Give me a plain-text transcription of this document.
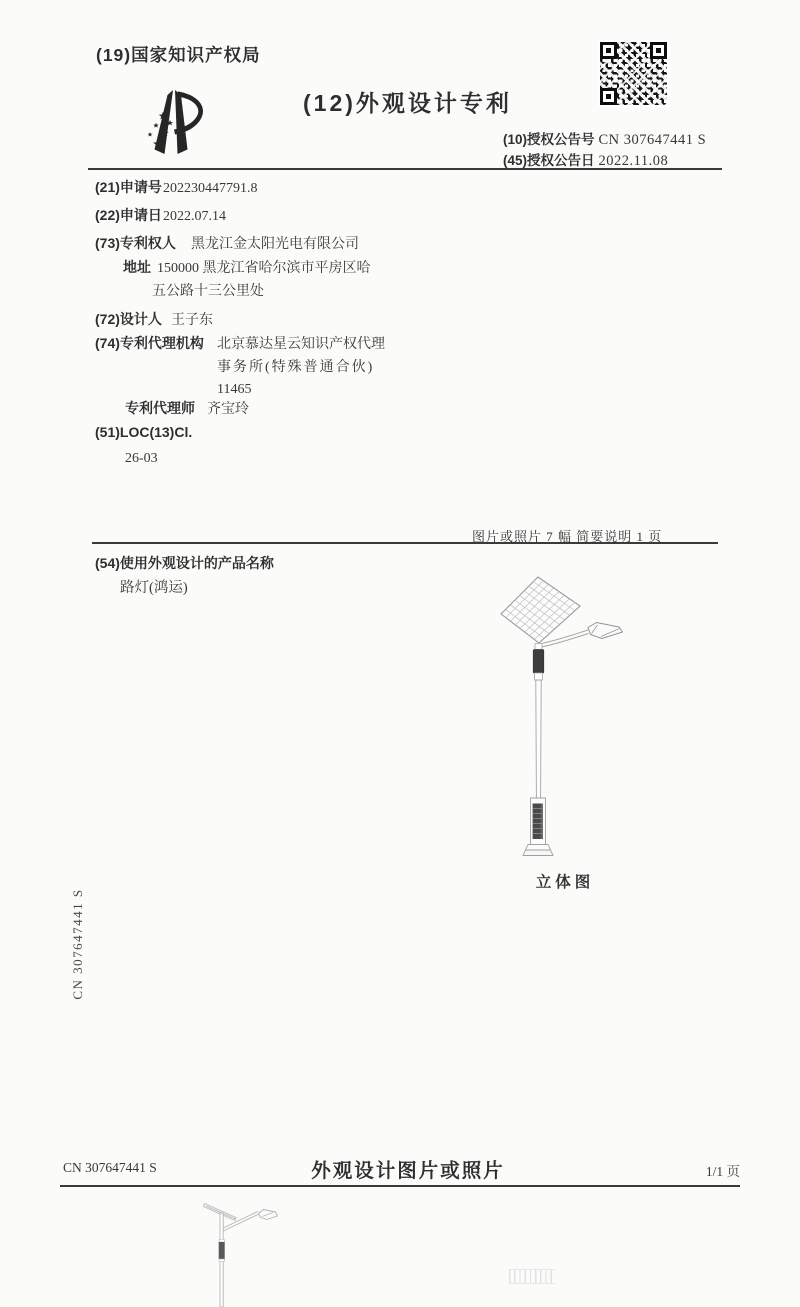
(19)国家知识产权局
(12)外观设计专利
(10)授权公告号 CN 307647441 S
(45)授权公告日 2022.11.08
(21)申请号202230447791.8
(22)申请日2022.07.14
(73)专利权人 黑龙江金太阳光电有限公司
地址 150000 黑龙江省哈尔滨市平房区哈
五公路十三公里处
(72)设计人 王子东
(74)专利代理机构 北京慕达星云知识产权代理
事务所(特殊普通合伙)
11465
专利代理师 齐宝玲
(51)LOC(13)Cl.
26-03
图片或照片 7 幅 简要说明 1 页
(54)使用外观设计的产品名称
路灯(鸿运)
立体图
CN 307647441 S
CN 307647441 S	外观设计图片或照片	1/1 页
